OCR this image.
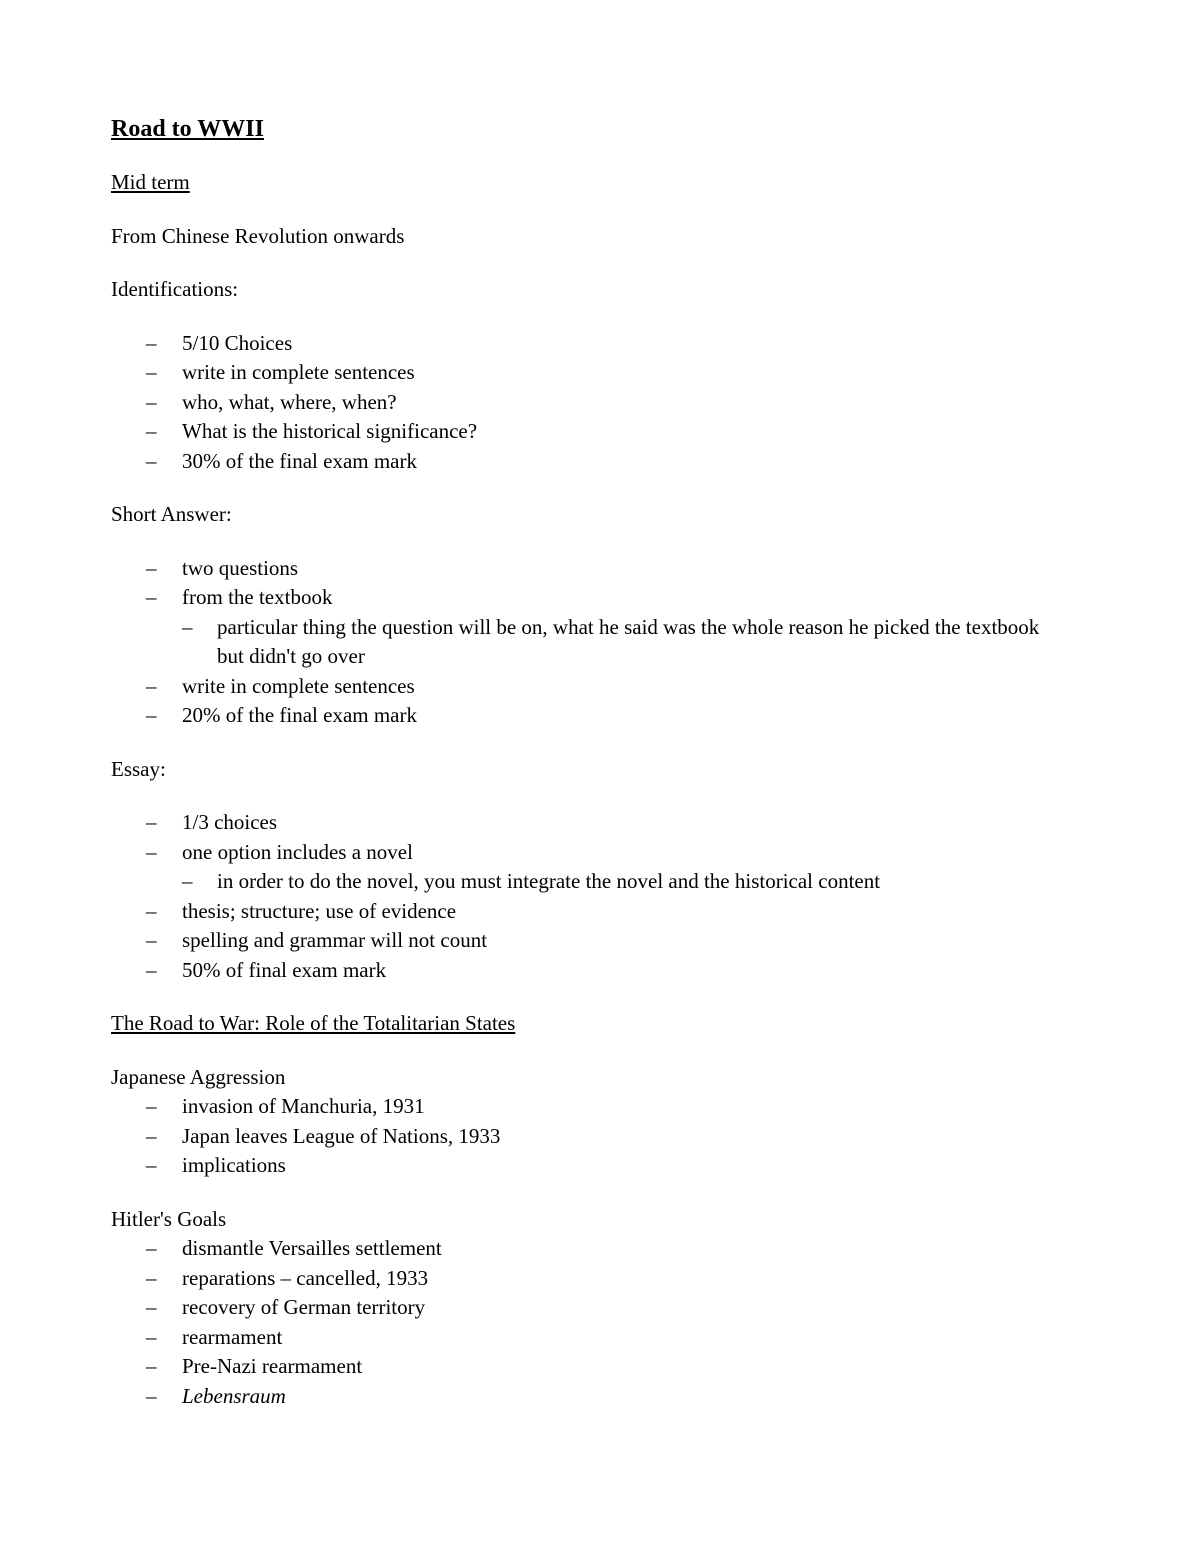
Road to WWII

Mid term

From Chinese Revolution onwards

Identifications:

– 5/10 Choices
– write in complete sentences
– who, what, where, when?
– What is the historical significance?
– 30% of the final exam mark

Short Answer:

– two questions
– from the textbook
– particular thing the question will be on, what he said was the whole reason he picked the textbook but didn't go over
– write in complete sentences
– 20% of the final exam mark

Essay:

– 1/3 choices
– one option includes a novel
– in order to do the novel, you must integrate the novel and the historical content
– thesis; structure; use of evidence
– spelling and grammar will not count
– 50% of final exam mark

The Road to War: Role of the Totalitarian States

Japanese Aggression

– invasion of Manchuria, 1931
– Japan leaves League of Nations, 1933
– implications

Hitler's Goals

– dismantle Versailles settlement
– reparations – cancelled, 1933
– recovery of German territory
– rearmament
– Pre-Nazi rearmament
– Lebensraum
